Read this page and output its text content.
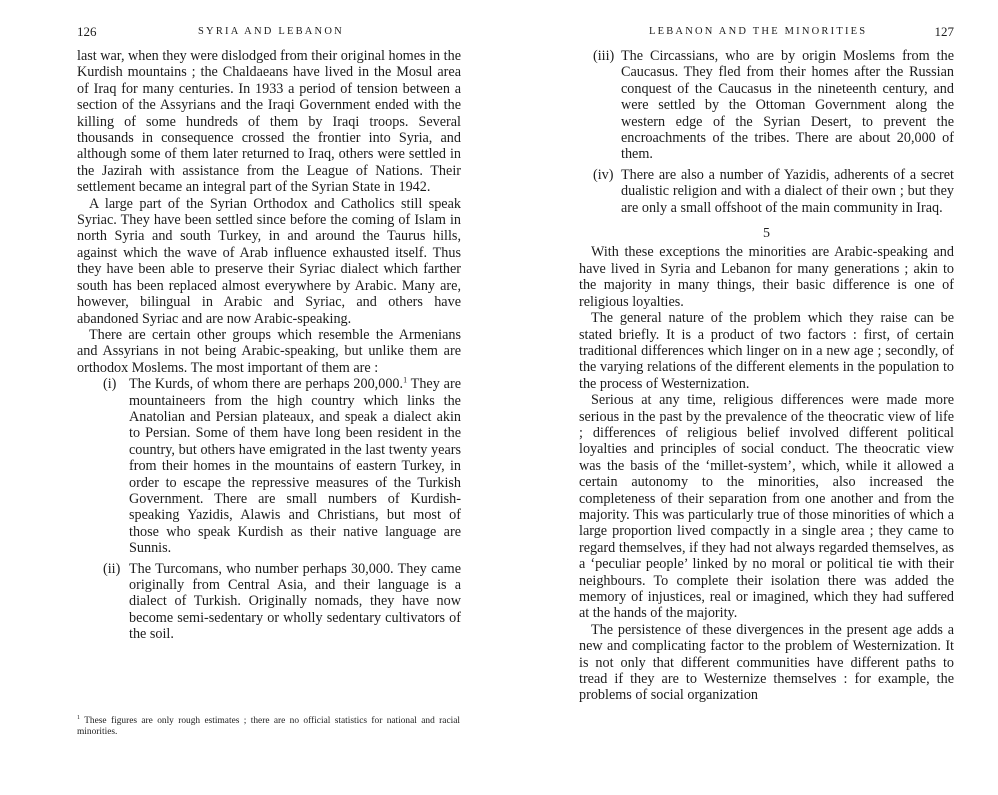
126	SYRIA AND LEBANON

last war, when they were dislodged from their original homes in the Kurdish mountains ; the Chaldaeans have lived in the Mosul area of Iraq for many centuries. In 1933 a period of tension between a section of the Assyrians and the Iraqi Government ended with the killing of some hundreds of them by Iraqi troops. Several thousands in consequence crossed the frontier into Syria, and although some of them later returned to Iraq, others were settled in the Jazirah with assistance from the League of Nations. Their settlement became an integral part of the Syrian State in 1942.

A large part of the Syrian Orthodox and Catholics still speak Syriac. They have been settled since before the coming of Islam in north Syria and south Turkey, in and around the Taurus hills, against which the wave of Arab influence exhausted itself. Thus they have been able to preserve their Syriac dialect which farther south has been replaced almost everywhere by Arabic. Many are, however, bilingual in Arabic and Syriac, and others have abandoned Syriac and are now Arabic-speaking.

There are certain other groups which resemble the Armenians and Assyrians in not being Arabic-speaking, but unlike them are orthodox Moslems. The most important of them are :

(i) The Kurds, of whom there are perhaps 200,000.$^1$ They are mountaineers from the high country which links the Anatolian and Persian plateaux, and speak a dialect akin to Persian. Some of them have long been resident in the country, but others have emigrated in the last twenty years from their homes in the mountains of eastern Turkey, in order to escape the repressive measures of the Turkish Government. There are small numbers of Kurdish-speaking Yazidis, Alawis and Christians, but most of those who speak Kurdish as their native language are Sunnis.
(ii) The Turcomans, who number perhaps 30,000. They came originally from Central Asia, and their language is a dialect of Turkish. Originally nomads, they have now become semi-sedentary or wholly sedentary cultivators of the soil.
$^1$ These figures are only rough estimates ; there are no official statistics for national and racial minorities.
LEBANON AND THE MINORITIES	127
(iii) The Circassians, who are by origin Moslems from the Caucasus. They fled from their homes after the Russian conquest of the Caucasus in the nineteenth century, and were settled by the Ottoman Government along the western edge of the Syrian Desert, to prevent the encroachments of the tribes. There are about 20,000 of them.
(iv) There are also a number of Yazidis, adherents of a secret dualistic religion and with a dialect of their own ; but they are only a small offshoot of the main community in Iraq.
5

With these exceptions the minorities are Arabic-speaking and have lived in Syria and Lebanon for many generations ; akin to the majority in many things, their basic difference is one of religious loyalties.

The general nature of the problem which they raise can be stated briefly. It is a product of two factors : first, of certain traditional differences which linger on in a new age ; secondly, of the varying relations of the different elements in the population to the process of Westernization.

Serious at any time, religious differences were made more serious in the past by the prevalence of the theocratic view of life ; differences of religious belief involved different political loyalties and principles of social conduct. The theocratic view was the basis of the ‘millet-system’, which, while it allowed a certain autonomy to the minorities, also increased the completeness of their separation from one another and from the majority. This was particularly true of those minorities of which a large proportion lived compactly in a single area ; they came to regard themselves, if they had not always regarded themselves, as a ‘peculiar people’ linked by no moral or political tie with their neighbours. To complete their isolation there was added the memory of injustices, real or imagined, which they had suffered at the hands of the majority.

The persistence of these divergences in the present age adds a new and complicating factor to the problem of Westernization. It is not only that different communities have different paths to tread if they are to Westernize themselves : for example, the problems of social organization
